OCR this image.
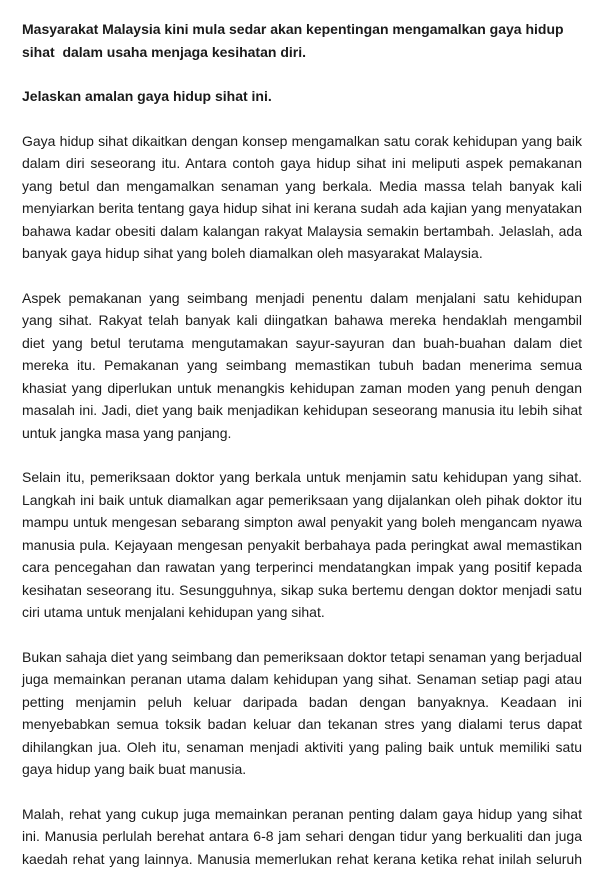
Masyarakat Malaysia kini mula sedar akan kepentingan mengamalkan gaya hidup sihat  dalam usaha menjaga kesihatan diri.

Jelaskan amalan gaya hidup sihat ini.

Gaya hidup sihat dikaitkan dengan konsep mengamalkan satu corak kehidupan yang baik dalam diri seseorang itu. Antara contoh gaya hidup sihat ini meliputi aspek pemakanan yang betul dan mengamalkan senaman yang berkala. Media massa telah banyak kali menyiarkan berita tentang gaya hidup sihat ini kerana sudah ada kajian yang menyatakan bahawa kadar obesiti dalam kalangan rakyat Malaysia semakin bertambah. Jelaslah, ada banyak gaya hidup sihat yang boleh diamalkan oleh masyarakat Malaysia.

Aspek pemakanan yang seimbang menjadi penentu dalam menjalani satu kehidupan yang sihat. Rakyat telah banyak kali diingatkan bahawa mereka hendaklah mengambil diet yang betul terutama mengutamakan sayur-sayuran dan buah-buahan dalam diet mereka itu. Pemakanan yang seimbang memastikan tubuh badan menerima semua khasiat yang diperlukan untuk menangkis kehidupan zaman moden yang penuh dengan masalah ini. Jadi, diet yang baik menjadikan kehidupan seseorang manusia itu lebih sihat untuk jangka masa yang panjang.

Selain itu, pemeriksaan doktor yang berkala untuk menjamin satu kehidupan yang sihat. Langkah ini baik untuk diamalkan agar pemeriksaan yang dijalankan oleh pihak doktor itu mampu untuk mengesan sebarang simpton awal penyakit yang boleh mengancam nyawa manusia pula. Kejayaan mengesan penyakit berbahaya pada peringkat awal memastikan cara pencegahan dan rawatan yang terperinci mendatangkan impak yang positif kepada kesihatan seseorang itu. Sesungguhnya, sikap suka bertemu dengan doktor menjadi satu ciri utama untuk menjalani kehidupan yang sihat.

Bukan sahaja diet yang seimbang dan pemeriksaan doktor tetapi senaman yang berjadual juga memainkan peranan utama dalam kehidupan yang sihat. Senaman setiap pagi atau petting menjamin peluh keluar daripada badan dengan banyaknya. Keadaan ini menyebabkan semua toksik badan keluar dan tekanan stres yang dialami terus dapat dihilangkan jua. Oleh itu, senaman menjadi aktiviti yang paling baik untuk memiliki satu gaya hidup yang baik buat manusia.

Malah, rehat yang cukup juga memainkan peranan penting dalam gaya hidup yang sihat ini. Manusia perlulah berehat antara 6-8 jam sehari dengan tidur yang berkualiti dan juga kaedah rehat yang lainnya. Manusia memerlukan rehat kerana ketika rehat inilah seluruh
